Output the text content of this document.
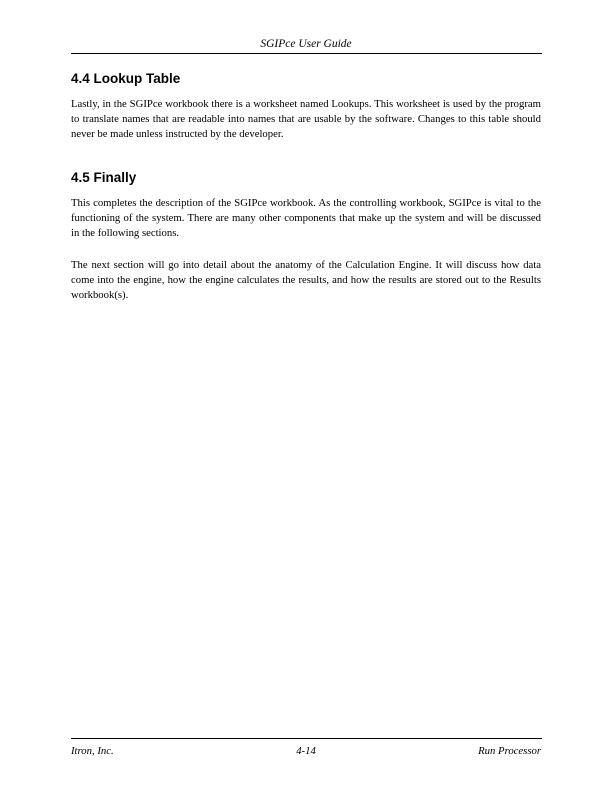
SGIPce User Guide
4.4 Lookup Table

Lastly, in the SGIPce workbook there is a worksheet named Lookups. This worksheet is used by the program to translate names that are readable into names that are usable by the software. Changes to this table should never be made unless instructed by the developer.

4.5 Finally

This completes the description of the SGIPce workbook. As the controlling workbook, SGIPce is vital to the functioning of the system. There are many other components that make up the system and will be discussed in the following sections.

The next section will go into detail about the anatomy of the Calculation Engine. It will discuss how data come into the engine, how the engine calculates the results, and how the results are stored out to the Results workbook(s).

Itron, Inc.	4-14	Run Processor
